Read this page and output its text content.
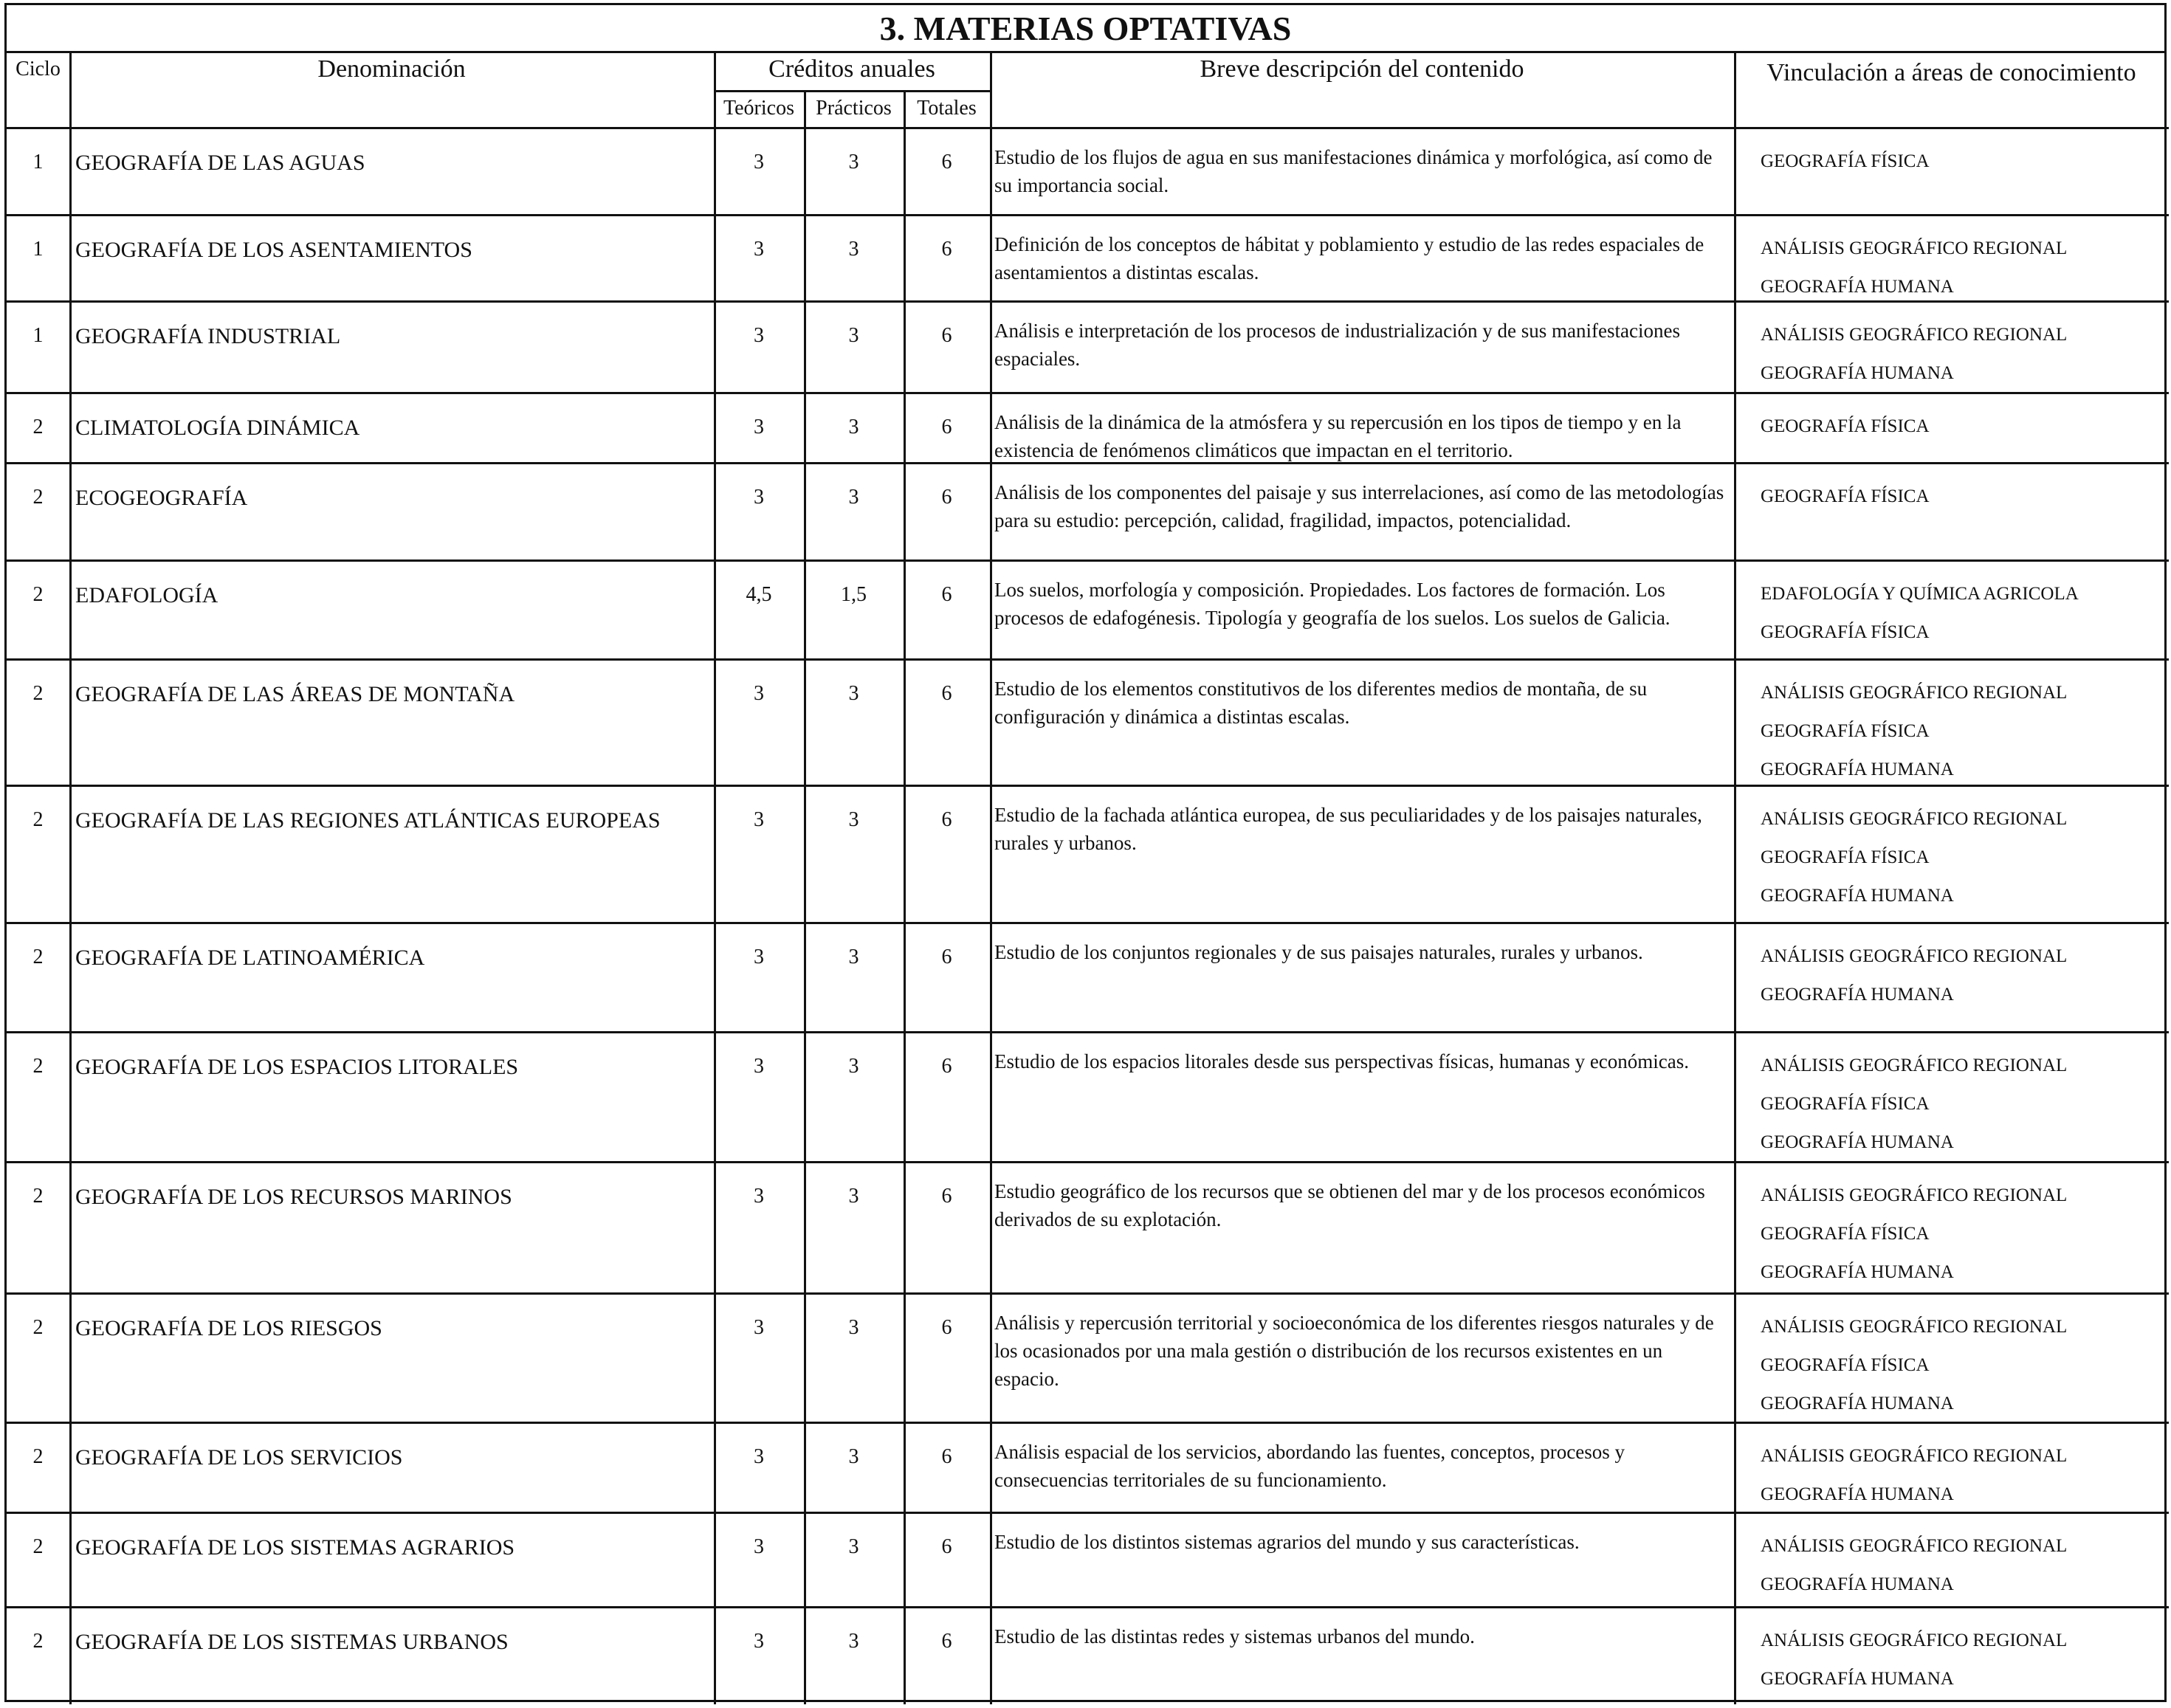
3. MATERIAS OPTATIVAS
Ciclo	Denominación	Créditos anuales
Teóricos	Prácticos	Totales
Breve descripción del contenido	Vinculación a áreas de conocimiento
1	GEOGRAFÍA DE LAS AGUAS	3	3	6	Estudio de los flujos de agua en sus manifestaciones dinámica y morfológica, así como de su importancia social.
GEOGRAFÍA FÍSICA
1	GEOGRAFÍA DE LOS ASENTAMIENTOS	3	3	6	Definición de los conceptos de hábitat y poblamiento y estudio de las redes espaciales de asentamientos a distintas escalas.
ANÁLISIS GEOGRÁFICO REGIONAL
GEOGRAFÍA HUMANA
1	GEOGRAFÍA INDUSTRIAL	3	3	6	Análisis e interpretación de los procesos de industrialización y de sus manifestaciones espaciales.
ANÁLISIS GEOGRÁFICO REGIONAL
GEOGRAFÍA HUMANA
2	CLIMATOLOGÍA DINÁMICA	3	3	6	Análisis de la dinámica de la atmósfera y su repercusión en los tipos de tiempo y en la existencia de fenómenos climáticos que impactan en el territorio.
GEOGRAFÍA FÍSICA
2	ECOGEOGRAFÍA	3	3	6	Análisis de los componentes del paisaje y sus interrelaciones, así como de las metodologías para su estudio: percepción, calidad, fragilidad, impactos, potencialidad.
GEOGRAFÍA FÍSICA
2	EDAFOLOGÍA	4,5	1,5	6	Los suelos, morfología y composición. Propiedades. Los factores de formación. Los procesos de edafogénesis. Tipología y geografía de los suelos. Los suelos de Galicia.
EDAFOLOGÍA Y QUÍMICA AGRICOLA
GEOGRAFÍA FÍSICA
2	GEOGRAFÍA DE LAS ÁREAS DE MONTAÑA	3	3	6	Estudio de los elementos constitutivos de los diferentes medios de montaña, de su configuración y dinámica a distintas escalas.
ANÁLISIS GEOGRÁFICO REGIONAL
GEOGRAFÍA FÍSICA
GEOGRAFÍA HUMANA
2	GEOGRAFÍA DE LAS REGIONES ATLÁNTICAS EUROPEAS	3	3	6	Estudio de la fachada atlántica europea, de sus peculiaridades y de los paisajes naturales, rurales y urbanos.
ANÁLISIS GEOGRÁFICO REGIONAL
GEOGRAFÍA FÍSICA
GEOGRAFÍA HUMANA
2	GEOGRAFÍA DE LATINOAMÉRICA	3	3	6	Estudio de los conjuntos regionales y de sus paisajes naturales, rurales y urbanos.	ANÁLISIS GEOGRÁFICO REGIONAL
GEOGRAFÍA HUMANA
2	GEOGRAFÍA DE LOS ESPACIOS LITORALES	3	3	6	Estudio de los espacios litorales desde sus perspectivas físicas, humanas y económicas.	ANÁLISIS GEOGRÁFICO REGIONAL
GEOGRAFÍA FÍSICA
GEOGRAFÍA HUMANA
2	GEOGRAFÍA DE LOS RECURSOS MARINOS	3	3	6	Estudio geográfico de los recursos que se obtienen del mar y de los procesos económicos derivados de su explotación.
ANÁLISIS GEOGRÁFICO REGIONAL
GEOGRAFÍA FÍSICA
GEOGRAFÍA HUMANA
2	GEOGRAFÍA DE LOS RIESGOS	3	3	6	Análisis y repercusión territorial y socioeconómica de los diferentes riesgos naturales y de los ocasionados por una mala gestión o distribución de los recursos existentes en un espacio.
ANÁLISIS GEOGRÁFICO REGIONAL
GEOGRAFÍA FÍSICA
GEOGRAFÍA HUMANA
2	GEOGRAFÍA DE LOS SERVICIOS	3	3	6	Análisis espacial de los servicios, abordando las fuentes, conceptos, procesos y consecuencias territoriales de su funcionamiento.
ANÁLISIS GEOGRÁFICO REGIONAL
GEOGRAFÍA HUMANA
2	GEOGRAFÍA DE LOS SISTEMAS AGRARIOS	3	3	6	Estudio de los distintos sistemas agrarios del mundo y sus características.	ANÁLISIS GEOGRÁFICO REGIONAL
GEOGRAFÍA HUMANA
2	GEOGRAFÍA DE LOS SISTEMAS URBANOS	3	3	6	Estudio de las distintas redes y sistemas urbanos del mundo.	ANÁLISIS GEOGRÁFICO REGIONAL
GEOGRAFÍA HUMANA
